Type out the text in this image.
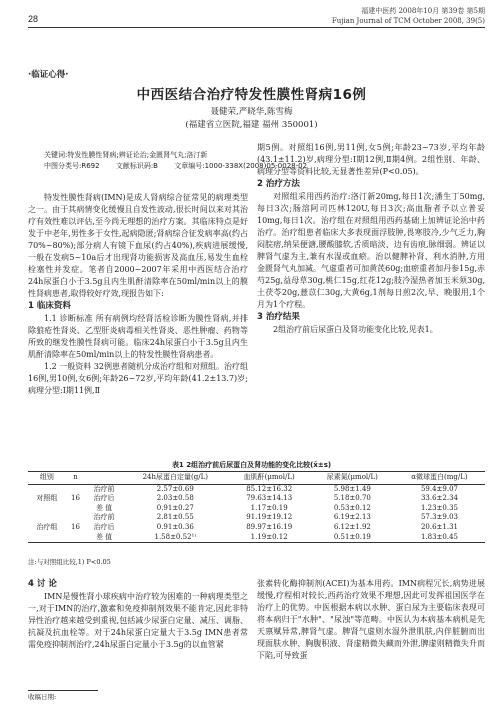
福建中医药 2008年10月 第39卷 第5期
Fujian Journal of TCM October 2008, 39(5)
28
·临证心得·
中西医结合治疗特发性膜性肾病16例
聂健荣,严晓华,陈雪梅
(福建省立医院,福建 福州 350001)
关键词:特发性膜性肾病;辨证论治;金匮肾气丸;洛汀新
中图分类号:R692 文献标识码:B 文章编号:1000-338X(2008)05-0028-02

特发性膜性肾病(IMN)是成人肾病综合征常见的病理类型之一。由于其病情变化缓慢且自发性波动,很长时间以来对其治疗有效性难以评估,至今尚无理想的治疗方案。其临床特点是好发于中老年,男性多于女性,起病隐匿;肾病综合征发病率高(约占70%~80%);部分病人有镜下血尿(约占40%),疾病进展缓慢,一般在发病5~10a后才出现肾功能损害及高血压,易发生血栓栓塞性并发症。笔者自2000~2007年采用中西医结合治疗24h尿蛋白小于3.5g且内生肌酐清除率在50ml/min以上的膜性肾病患者,取得较好疗效,现报告如下:

1 临床资料

1.1 诊断标准 所有病例均经肾活检诊断为膜性肾病,并排除狼疮性肾炎、乙型肝炎病毒相关性肾炎、恶性肿瘤、药物等所致的继发性膜性肾病可能。临床24h尿蛋白小于3.5g且内生肌酐清除率在50ml/min以上的特发性膜性肾病患者。

1.2 一般资料 32例患者随机分成治疗组和对照组。治疗组16例,男10例,女6例;年龄26~72岁,平均年龄(41.2±13.7)岁;病理分型:Ⅰ期11例,Ⅱ

期5例。对照组16例,男11例,女5例;年龄23~73岁,平均年龄(43.1±11.2)岁,病理分型:Ⅰ期12例,Ⅱ期4例。2组性别、年龄、病理分型等资料比较,无显著性差异(P<0.05)。

2 治疗方法

对照组采用西药治疗:洛汀新20mg,每日1次;潘生丁50mg,每日3次;肠溶阿司匹林120U,每日3次;高血脂者予以立普妥10mg,每日1次。治疗组在对照组用西药基础上加辨证论治中药治疗。治疗组患者临床大多表现面浮肢肿,畏寒肢冷,少气乏力,胸闷脘痞,纳呆便溏,腰酸膝软,舌质暗淡、边有齿痕,脉细弱。辨证以脾肾气虚为主,兼有水湿或血瘀。治以健脾补肾、利水消肿,方用金匮肾气丸加减。气虚重者可加黄芪60g;血瘀重者加丹参15g,赤芍25g,益母草30g,桃仁15g,红花12g;肢冷湿热者加玉米须30g,土茯苓20g,薏苡仁30g,大黄6g,1剂每日煎2次,早、晚服用,1个月为1个疗程。

3 治疗结果

2组治疗前后尿蛋白及肾功能变化比较,见表1。

表1 2组治疗前后尿蛋白及肾功能的变化比较(x̄±s)
组别	n		24h尿蛋白定量(g/L)	血肌酐(μmol/L)	尿素氮(μmol/L)	α微球蛋白(mg/L)
		治疗前	2.57±0.69	85.12±16.32	5.98±1.49	59.4±9.07
对照组	16	治疗后	2.03±0.58	79.63±14.13	5.18±0.70	33.6±2.34
		差 值	0.91±0.27	1.17±0.19	0.53±0.12	1.23±0.35
		治疗前	2.81±0.55	91.19±19.12	6.19±2.13	57.3±9.03
治疗组	16	治疗后	0.91±0.36	89.97±16.19	6.12±1.92	20.6±1.31
		差 值	1.58±0.52¹⁾	1.19±0.12	0.51±0.19	1.83±0.45
注:与对照组比较,1) P<0.05
4 讨 论

IMN是慢性肾小球疾病中治疗较为困难的一种病理类型之一,对于IMN的治疗,激素和免疫抑制剂效果不能肯定,因此非特异性治疗越来越受到重视,包括减少尿蛋白定量、减压、调脂、抗凝及抗血栓等。对于24h尿蛋白定量大于3.5g IMN患者常需免疫抑制剂治疗,24h尿蛋白定量小于3.5g的以血管紧

张素转化酶抑制剂(ACEI)为基本用药。IMN病程冗长,病势进展缓慢,疗程相对较长,西药治疗效果不理想,因此可发挥祖国医学在治疗上的优势。中医根据本病以水肿、蛋白尿为主要临床表现可将本病归于"水肿"、"尿浊"等范畴。中医认为本病基本病机是先天禀赋异常,脾肾气虚。脾肾气虚则水湿外泄肌肤,内伴脏腑而出现面肤水肿、胸腹积液、肾虚精微失藏而外泄,脾虚则精微失升而下陷,可导致蛋
收稿日期:
